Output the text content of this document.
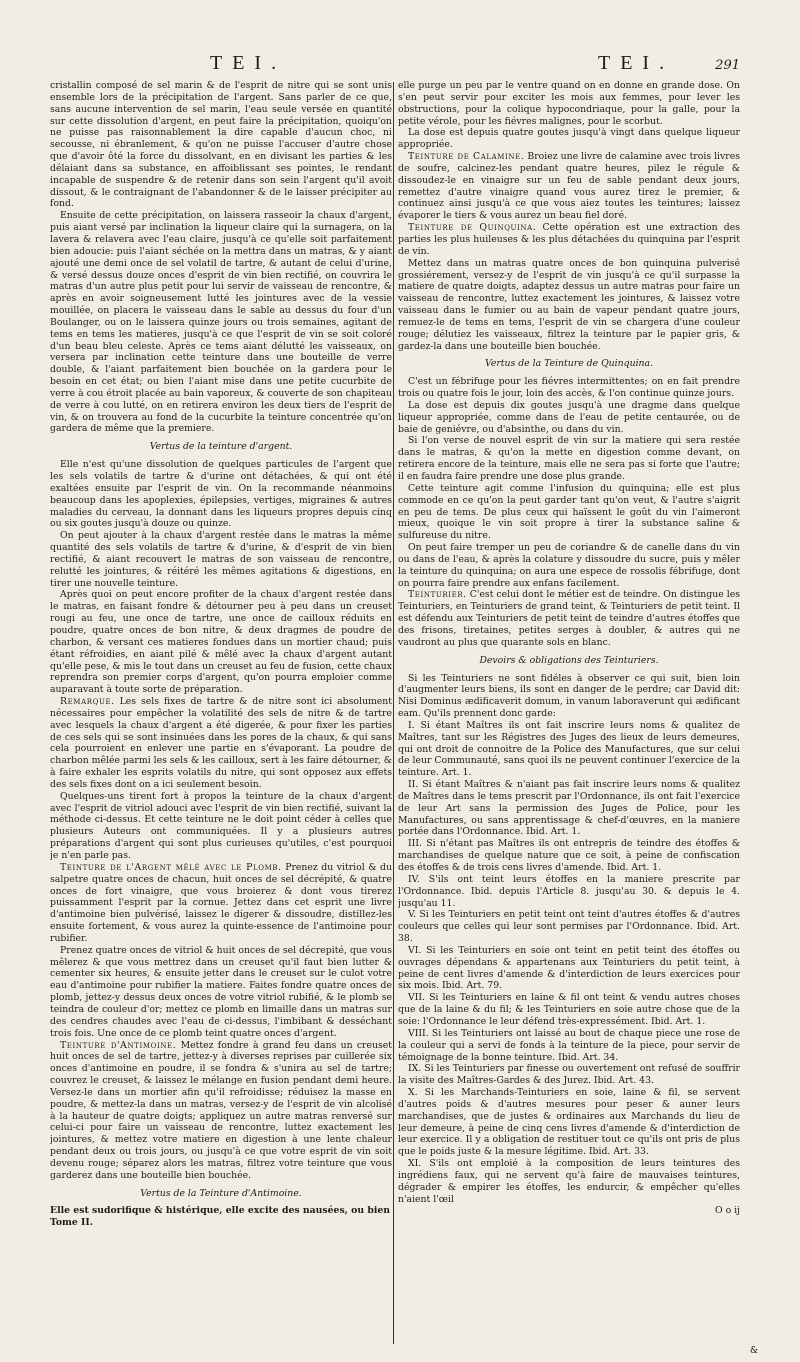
TEI.	TEI.	291

cristallin composé de sel marin & de l'esprit de nitre qui se sont unis ensemble lors de la précipitation de l'argent. Sans parler de ce que, sans aucune intervention de sel marin, l'eau seule versée en quantité sur cette dissolution d'argent, en peut faire la précipitation, quoiqu'on ne puisse pas raisonnablement la dire capable d'aucun choc, ni secousse, ni ébranlement, & qu'on ne puisse l'accuser d'autre chose que d'avoir ôté la force du dissolvant, en en divisant les parties & les délaiant dans sa substance, en affoiblissant ses pointes, le rendant incapable de suspendre & de retenir dans son sein l'argent qu'il avoit dissout, & le contraignant de l'abandonner & de le laisser précipiter au fond.

Ensuite de cette précipitation, on laissera rasseoir la chaux d'argent, puis aiant versé par inclination la liqueur claire qui la surnagera, on la lavera & relavera avec l'eau claire, jusqu'à ce qu'elle soit parfaitement bien adoucie: puis l'aiant séchée on la mettra dans un matras, & y aiant ajouté une demi once de sel volatil de tartre, & autant de celui d'urine, & versé dessus douze onces d'esprit de vin bien rectifié, on couvrira le matras d'un autre plus petit pour lui servir de vaisseau de rencontre, & après en avoir soigneusement lutté les jointures avec de la vessie mouillée, on placera le vaisseau dans le sable au dessus du four d'un Boulanger, ou on le laissera quinze jours ou trois semaines, agitant de tems en tems les matieres, jusqu'à ce que l'esprit de vin se soit coloré d'un beau bleu celeste. Après ce tems aiant délutté les vaisseaux, on versera par inclination cette teinture dans une bouteille de verre double, & l'aiant parfaitement bien bouchée on la gardera pour le besoin en cet état; ou bien l'aiant mise dans une petite cucurbite de verre à cou étroit placée au bain vaporeux, & couverte de son chapiteau de verre à cou lutté, on en retirera environ les deux tiers de l'esprit de vin, & on trouvera au fond de la cucurbite la teinture concentrée qu'on gardera de même que la premiere.

Vertus de la teinture d'argent.

Elle n'est qu'une dissolution de quelques particules de l'argent que les sels volatils de tartre & d'urine ont détachées, & qui ont été exaltées ensuite par l'esprit de vin. On la recommande néanmoins beaucoup dans les apoplexies, épilepsies, vertiges, migraines & autres maladies du cerveau, la donnant dans les liqueurs propres depuis cinq ou six goutes jusqu'à douze ou quinze.

On peut ajouter à la chaux d'argent restée dans le matras la même quantité des sels volatils de tartre & d'urine, & d'esprit de vin bien rectifié, & aiant recouvert le matras de son vaisseau de rencontre, relutté les jointures, & réitéré les mêmes agitations & digestions, en tirer une nouvelle teinture.

Après quoi on peut encore profiter de la chaux d'argent restée dans le matras, en faisant fondre & détourner peu à peu dans un creuset rougi au feu, une once de tartre, une once de cailloux réduits en poudre, quatre onces de bon nitre, & deux dragmes de poudre de charbon, & versant ces matieres fondues dans un mortier chaud; puis étant réfroidies, en aiant pilé & mêlé avec la chaux d'argent autant qu'elle pese, & mis le tout dans un creuset au feu de fusion, cette chaux reprendra son premier corps d'argent, qu'on pourra emploier comme auparavant à toute sorte de préparation.

Remarque. Les sels fixes de tartre & de nitre sont ici absolument nécessaires pour empêcher la volatilité des sels de nitre & de tartre avec lesquels la chaux d'argent a été digerée, & pour fixer les parties de ces sels qui se sont insinuées dans les pores de la chaux, & qui sans cela pourroient en enlever une partie en s'évaporant. La poudre de charbon mêlée parmi les sels & les cailloux, sert à les faire détourner, & à faire exhaler les esprits volatils du nitre, qui sont opposez aux effets des sels fixes dont on a ici seulement besoin.

Quelques-uns tirent fort à propos la teinture de la chaux d'argent avec l'esprit de vitriol adouci avec l'esprit de vin bien rectifié, suivant la méthode ci-dessus. Et cette teinture ne le doit point céder à celles que plusieurs Auteurs ont communiquées. Il y a plusieurs autres préparations d'argent qui sont plus curieuses qu'utiles, c'est pourquoi je n'en parle pas.

Teinture de l'Argent mêlé avec le Plomb. Prenez du vitriol & du salpetre quatre onces de chacun, huit onces de sel décrépité, & quatre onces de fort vinaigre, que vous broierez & dont vous tirerez puissamment l'esprit par la cornue. Jettez dans cet esprit une livre d'antimoine bien pulvérisé, laissez le digerer & dissoudre, distillez-les ensuite fortement, & vous aurez la quinte-essence de l'antimoine pour rubifier.

Prenez quatre onces de vitriol & huit onces de sel décrepité, que vous mêlerez & que vous mettrez dans un creuset qu'il faut bien lutter & cementer six heures, & ensuite jetter dans le creuset sur le culot votre eau d'antimoine pour rubifier la matiere. Faites fondre quatre onces de plomb, jettez-y dessus deux onces de votre vitriol rubifié, & le plomb se teindra de couleur d'or; mettez ce plomb en limaille dans un matras sur des cendres chaudes avec l'eau de ci-dessus, l'imbibant & desséchant trois fois. Une once de ce plomb teint quatre onces d'argent.

Teinture d'Antimoine. Mettez fondre à grand feu dans un creuset huit onces de sel de tartre, jettez-y à diverses reprises par cuillerée six onces d'antimoine en poudre, il se fondra & s'unira au sel de tartre; couvrez le creuset, & laissez le mélange en fusion pendant demi heure. Versez-le dans un mortier afin qu'il refroidisse; réduisez la masse en poudre, & mettez-la dans un matras, versez-y de l'esprit de vin alcolisé à la hauteur de quatre doigts; appliquez un autre matras renversé sur celui-ci pour faire un vaisseau de rencontre, luttez exactement les jointures, & mettez votre matiere en digestion à une lente chaleur pendant deux ou trois jours, ou jusqu'à ce que votre esprit de vin soit devenu rouge; séparez alors les matras, filtrez votre teinture que vous garderez dans une bouteille bien bouchée.

Vertus de la Teinture d'Antimoine.

Elle est sudorifique & histérique, elle excite des nausées, ou bien

Tome II.

elle purge un peu par le ventre quand on en donne en grande dose. On s'en peut servir pour exciter les mois aux femmes, pour lever les obstructions, pour la colique hypocondriaque, pour la galle, pour la petite vérole, pour les fiévres malignes, pour le scorbut.

La dose est depuis quatre goutes jusqu'à vingt dans quelque liqueur appropriée.

Teinture de Calamine. Broiez une livre de calamine avec trois livres de soufre, calcinez-les pendant quatre heures, pilez le régule & dissoudez-le en vinaigre sur un feu de sable pendant deux jours, remettez d'autre vinaigre quand vous aurez tirez le premier, & continuez ainsi jusqu'à ce que vous aiez toutes les teintures; laissez évaporer le tiers & vous aurez un beau fiel doré.

Teinture de Quinquina. Cette opération est une extraction des parties les plus huileuses & les plus détachées du quinquina par l'esprit de vin.

Mettez dans un matras quatre onces de bon quinquina pulverisé grossiérement, versez-y de l'esprit de vin jusqu'à ce qu'il surpasse la matiere de quatre doigts, adaptez dessus un autre matras pour faire un vaisseau de rencontre, luttez exactement les jointures, & laissez votre vaisseau dans le fumier ou au bain de vapeur pendant quatre jours, remuez-le de tems en tems, l'esprit de vin se chargera d'une couleur rouge; délutiez les vaisseaux, filtrez la teinture par le papier gris, & gardez-la dans une bouteille bien bouchée.

Vertus de la Teinture de Quinquina.

C'est un fébrifuge pour les fiévres intermittentes; on en fait prendre trois ou quatre fois le jour, loin des accès, & l'on continue quinze jours.

La dose est depuis dix goutes jusqu'à une dragme dans quelque liqueur appropriée, comme dans de l'eau de petite centaurée, ou de baie de geniévre, ou d'absinthe, ou dans du vin.

Si l'on verse de nouvel esprit de vin sur la matiere qui sera restée dans le matras, & qu'on la mette en digestion comme devant, on retirera encore de la teinture, mais elle ne sera pas si forte que l'autre; il en faudra faire prendre une dose plus grande.

Cette teinture agit comme l'infusion du quinquina; elle est plus commode en ce qu'on la peut garder tant qu'on veut, & l'autre s'aigrit en peu de tems. De plus ceux qui haïssent le goût du vin l'aimeront mieux, quoique le vin soit propre à tirer la substance saline & sulfureuse du nitre.

On peut faire tremper un peu de coriandre & de canelle dans du vin ou dans de l'eau, & après la colature y dissoudre du sucre, puis y mêler la teinture du quinquina; on aura une espece de rossolis fébrifuge, dont on pourra faire prendre aux enfans facilement.

Teinturier. C'est celui dont le métier est de teindre. On distingue les Teinturiers, en Teinturiers de grand teint, & Teinturiers de petit teint. Il est défendu aux Teinturiers de petit teint de teindre d'autres étoffes que des frisons, tiretaines, petites serges à doubler, & autres qui ne vaudront au plus que quarante sols en blanc.

Devoirs & obligations des Teinturiers.

Si les Teinturiers ne sont fidéles à observer ce qui suit, bien loin d'augmenter leurs biens, ils sont en danger de le perdre; car David dit: Nisi Dominus ædificaverit domum, in vanum laboraverunt qui ædificant eam. Qu'ils prennent donc garde:

I. Si étant Maîtres ils ont fait inscrire leurs noms & qualitez de Maîtres, tant sur les Régistres des Juges des lieux de leurs demeures, qui ont droit de connoitre de la Police des Manufactures, que sur celui de leur Communauté, sans quoi ils ne peuvent continuer l'exercice de la teinture. Art. 1.

II. Si étant Maîtres & n'aiant pas fait inscrire leurs noms & qualitez de Maîtres dans le tems prescrit par l'Ordonnance, ils ont fait l'exercice de leur Art sans la permission des Juges de Police, pour les Manufactures, ou sans apprentissage & chef-d'œuvres, en la maniere portée dans l'Ordonnance. Ibid. Art. 1.

III. Si n'étant pas Maîtres ils ont entrepris de teindre des étoffes & marchandises de quelque nature que ce soit, à peine de confiscation des étoffes & de trois cens livres d'amende. Ibid. Art. 1.

IV. S'ils ont teint leurs étoffes en la maniere prescrite par l'Ordonnance. Ibid. depuis l'Article 8. jusqu'au 30. & depuis le 4. jusqu'au 11.

V. Si les Teinturiers en petit teint ont teint d'autres étoffes & d'autres couleurs que celles qui leur sont permises par l'Ordonnance. Ibid. Art. 38.

VI. Si les Teinturiers en soie ont teint en petit teint des étoffes ou ouvrages dépendans & appartenans aux Teinturiers du petit teint, à peine de cent livres d'amende & d'interdiction de leurs exercices pour six mois. Ibid. Art. 79.

VII. Si les Teinturiers en laine & fil ont teint & vendu autres choses que de la laine & du fil; & les Teinturiers en soie autre chose que de la soie: l'Ordonnance le leur défend très-expressément. Ibid. Art. 1.

VIII. Si les Teinturiers ont laissé au bout de chaque piece une rose de la couleur qui a servi de fonds à la teinture de la piece, pour servir de témoignage de la bonne teinture. Ibid. Art. 34.

IX. Si les Teinturiers par finesse ou ouvertement ont refusé de souffrir la visite des Maîtres-Gardes & des Jurez. Ibid. Art. 43.

X. Si les Marchands-Teinturiers en soie, laine & fil, se servent d'autres poids & d'autres mesures pour peser & auner leurs marchandises, que de justes & ordinaires aux Marchands du lieu de leur demeure, à peine de cinq cens livres d'amende & d'interdiction de leur exercice. Il y a obligation de restituer tout ce qu'ils ont pris de plus que le poids juste & la mesure légitime. Ibid. Art. 33.

XI. S'ils ont emploié à la composition de leurs teintures des ingrédiens faux, qui ne servent qu'à faire de mauvaises teintures, dégrader & empirer les étoffes, les endurcir, & empêcher qu'elles n'aient l'œil

O o ij

&
